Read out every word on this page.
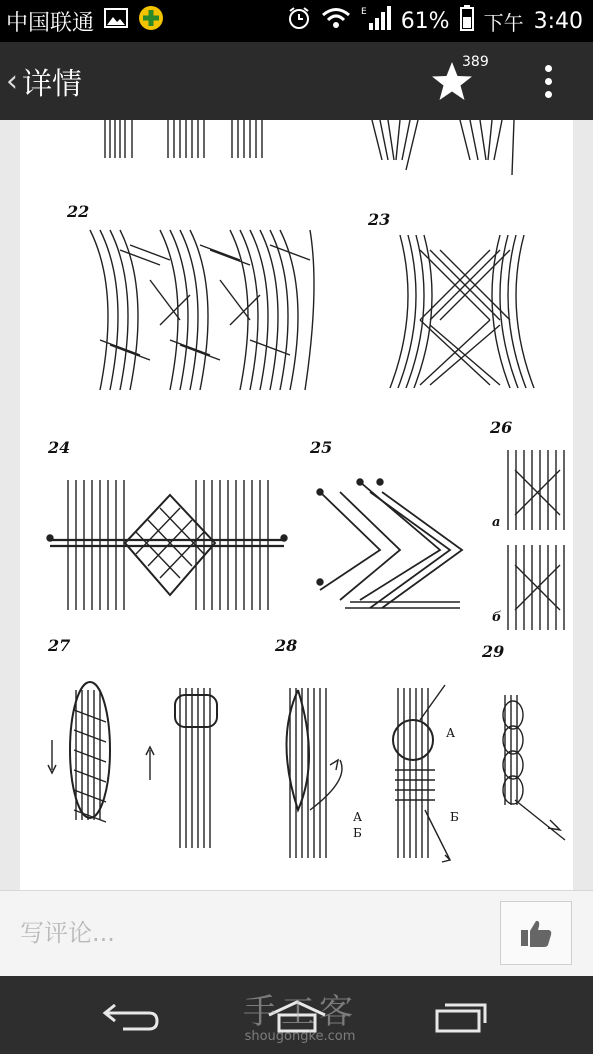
中国联通	E 61% 下午 3:40
‹ 详情
389
22	23
24	25
26
27	28	29
а
б
А
Б
А
Б
写评论...
手工客
shougongke.com
